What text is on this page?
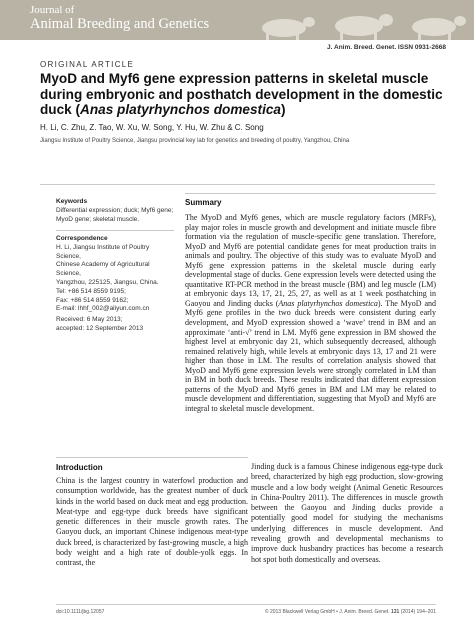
Journal of
Animal Breeding and Genetics
J. Anim. Breed. Genet. ISSN 0931-2668
ORIGINAL ARTICLE
MyoD and Myf6 gene expression patterns in skeletal muscle
during embryonic and posthatch development in the domestic
duck (Anas platyrhynchos domestica)
H. Li, C. Zhu, Z. Tao, W. Xu, W. Song, Y. Hu, W. Zhu & C. Song
Jiangsu Institute of Poultry Science, Jiangsu provincial key lab for genetics and breeding of poultry, Yangzhou, China
Keywords
Differential expression; duck; Myf6 gene; MyoD gene; skeletal muscle.
Correspondence
H. Li, Jiangsu Institute of Poultry Science,
Chinese Academy of Agricultural Science,
Yangzhou, 225125, Jiangsu, China.
Tel: +86 514 8559 9195;
Fax: +86 514 8559 9162;
E-mail: lhhf_002@aliyun.com.cn
Received: 6 May 2013;
accepted: 12 September 2013
Summary

The MyoD and Myf6 genes, which are muscle regulatory factors (MRFs), play major roles in muscle growth and development and initiate muscle fibre formation via the regulation of muscle-specific gene translation. Therefore, MyoD and Myf6 are potential candidate genes for meat production traits in animals and poultry. The objective of this study was to evaluate MyoD and Myf6 gene expression patterns in the skeletal muscle during early developmental stage of ducks. Gene expression levels were detected using the quantitative RT-PCR method in the breast muscle (BM) and leg muscle (LM) at embryonic days 13, 17, 21, 25, 27, as well as at 1 week posthatching in Gaoyou and Jinding ducks (Anas platyrhynchos domestica). The MyoD and Myf6 gene profiles in the two duck breeds were consistent during early development, and MyoD expression showed a ‘wave’ trend in BM and an approximate ‘anti-√’ trend in LM. Myf6 gene expression in BM showed the highest level at embryonic day 21, which subsequently decreased, although remained relatively high, while levels at embryonic days 13, 17 and 21 were higher than those in LM. The results of correlation analysis showed that MyoD and Myf6 gene expression levels were strongly correlated in LM than in BM in both duck breeds. These results indicated that different expression patterns of the MyoD and Myf6 genes in BM and LM may be related to muscle development and differentiation, suggesting that MyoD and Myf6 are integral to skeletal muscle development.

Introduction

China is the largest country in waterfowl production and consumption worldwide, has the greatest number of duck kinds in the world based on duck meat and egg production. Meat-type and egg-type duck breeds have significant genetic differences in their muscle growth rates. The Gaoyou duck, an important Chinese indigenous meat-type duck breed, is characterized by fast-growing muscle, a high body weight and a high rate of double-yolk eggs. In contrast, the

Jinding duck is a famous Chinese indigenous egg-type duck breed, characterized by high egg production, slow-growing muscle and a low body weight (Animal Genetic Resources in China-Poultry 2011). The differences in muscle growth between the Gaoyou and Jinding ducks provide a potentially good model for studying the mechanisms underlying differences in muscle development. And revealing growth and developmental mechanisms to improve duck husbandry practices has become a research hot spot both domestically and overseas.

doi:10.1111/jbg.12057	© 2013 Blackwell Verlag GmbH • J. Anim. Breed. Genet. 131 (2014) 194–201
